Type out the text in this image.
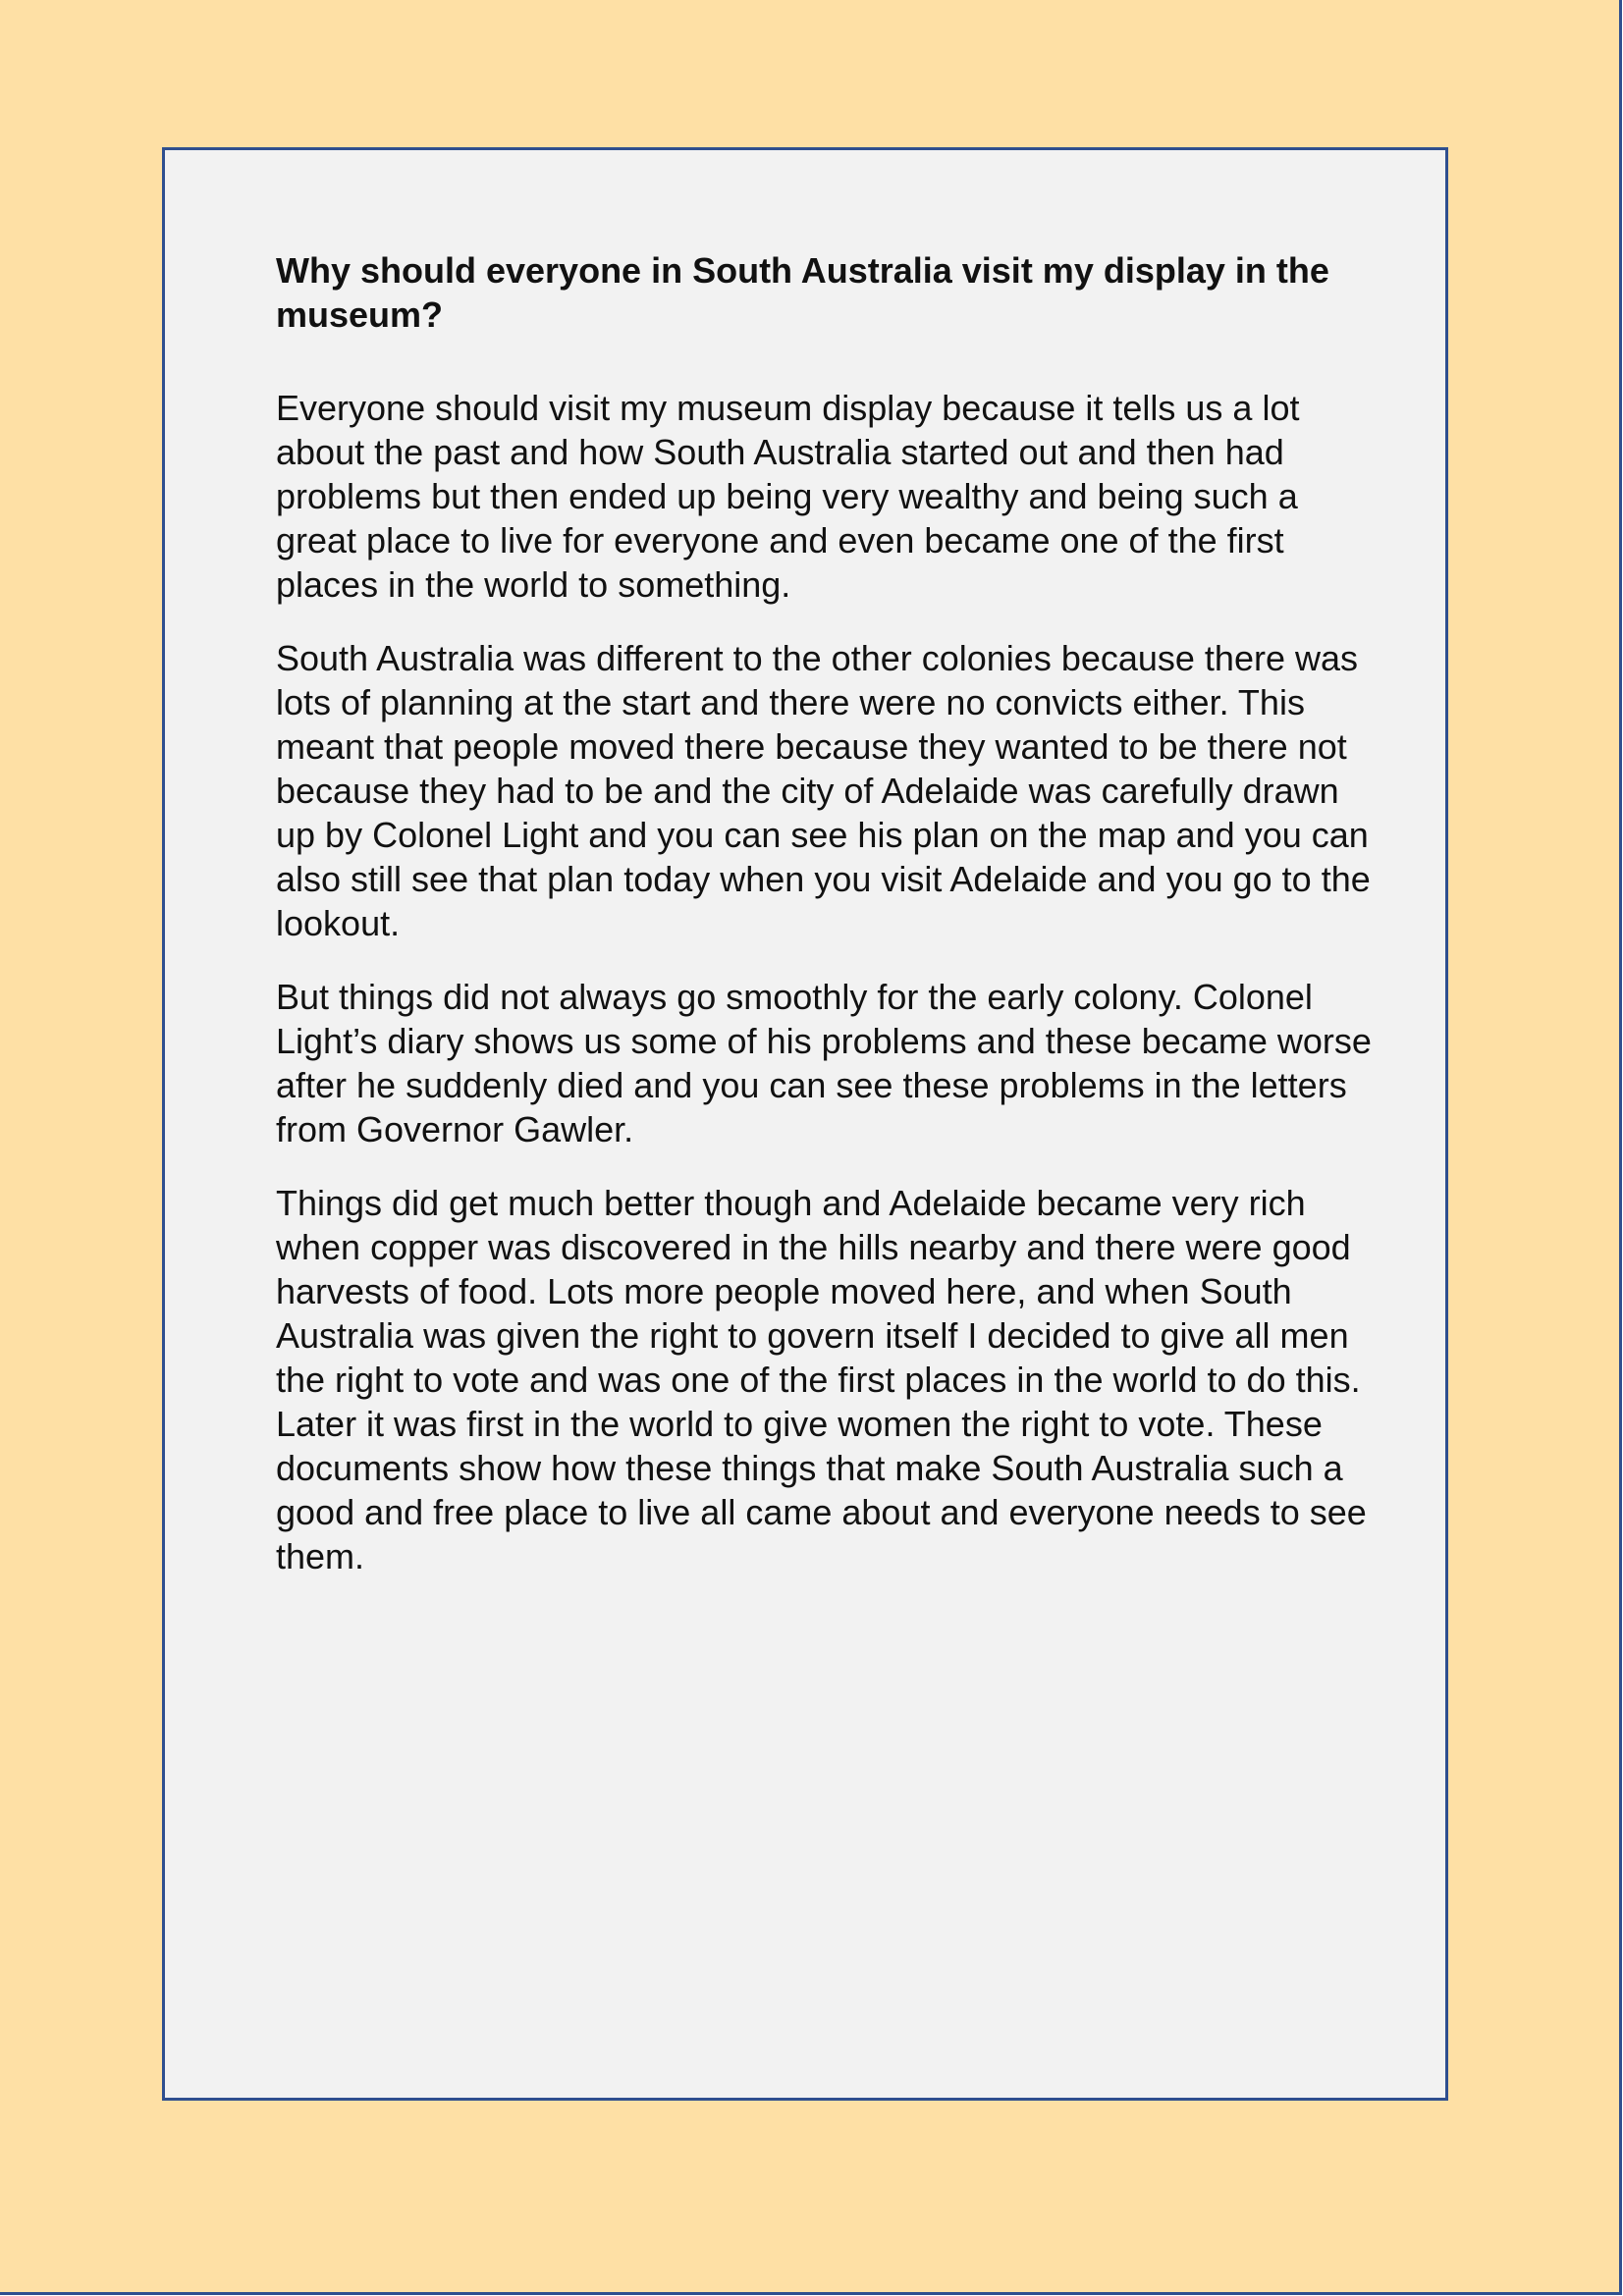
Why should everyone in South Australia visit my display in the museum?

Everyone should visit my museum display because it tells us a lot about the past and how South Australia started out and then had problems but then ended up being very wealthy and being such a great place to live for everyone and even became one of the first places in the world to something.

South Australia was different to the other colonies because there was lots of planning at the start and there were no convicts either. This meant that people moved there because they wanted to be there not because they had to be and the city of Adelaide was carefully drawn up by Colonel Light and you can see his plan on the map and you can also still see that plan today when you visit Adelaide and you go to the lookout.

But things did not always go smoothly for the early colony. Colonel Light’s diary shows us some of his problems and these became worse after he suddenly died and you can see these problems in the letters from Governor Gawler.

Things did get much better though and Adelaide became very rich when copper was discovered in the hills nearby and there were good harvests of food. Lots more people moved here, and when South Australia was given the right to govern itself I decided to give all men the right to vote and was one of the first places in the world to do this. Later it was first in the world to give women the right to vote. These documents show how these things that make South Australia such a good and free place to live all came about and everyone needs to see them.
